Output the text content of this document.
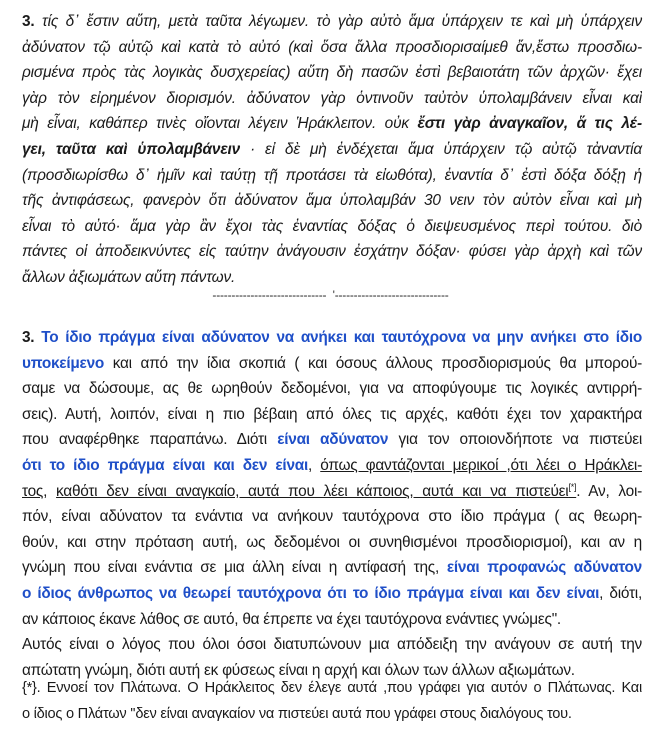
3. τίς δ᾽ ἔστιν αὕτη, μετὰ ταῦτα λέγωμεν. τὸ γὰρ αὐτὸ ἅμα ὑπάρχειν τε καὶ μὴ ὑπάρχειν
ἀδύνατον τῷ αὐτῷ καὶ κατὰ τὸ αὐτό (καὶ ὅσα ἄλλα προσδιορισαίμεθ ἄν,ἔστω προσδιω-
ρισμένα πρὸς τὰς λογικὰς δυσχερείας) αὕτη δὴ πασῶν ἐστὶ βεβαιοτάτη τῶν ἀρχῶν· ἔχει
γὰρ τὸν εἰρημένον διορισμόν. ἀδύνατον γὰρ ὁντινοῦν ταὐτὸν ὑπολαμβάνειν εἶναι καὶ
μὴ εἶναι, καθάπερ τινὲς οἴονται λέγειν Ἡράκλειτον. οὐκ ἔστι γὰρ ἀναγκαῖον, ἅ τις λέ-
γει, ταῦτα καὶ ὑπολαμβάνειν · εἰ δὲ μὴ ἐνδέχεται ἅμα ὑπάρχειν τῷ αὐτῷ τἀναντία
(προσδιωρίσθω δ᾽ ἡμῖν καὶ ταύτῃ τῇ προτάσει τὰ εἰωθότα), ἐναντία δ᾽ ἐστὶ δόξα δόξῃ ἡ
τῆς ἀντιφάσεως, φανερὸν ὅτι ἀδύνατον ἅμα ὑπολαμβάν 30 νειν τὸν αὐτὸν εἶναι καὶ μὴ
εἶναι τὸ αὐτό· ἅμα γὰρ ἂν ἔχοι τὰς ἐναντίας δόξας ὁ διεψευσμένος περὶ τούτου. διὸ
πάντες οἱ ἀποδεικνύντες εἰς ταύτην ἀνάγουσιν ἐσχάτην δόξαν· φύσει γὰρ ἀρχὴ καὶ τῶν
ἄλλων ἀξιωμάτων αὕτη πάντων.
------------------------------ '------------------------------
3. Το ίδιο πράγμα είναι αδύνατον να ανήκει και ταυτόχρονα να μην ανήκει στο ίδιο
υποκείμενο και από την ίδια σκοπιά ( και όσους άλλους προσδιορισμούς θα μπορού-
σαμε να δώσουμε, ας θε ωρηθούν δεδομένοι, για να αποφύγουμε τις λογικές αντιρρή-
σεις). Αυτή, λοιπόν, είναι η πιο βέβαιη από όλες τις αρχές, καθότι έχει τον χαρακτήρα
που αναφέρθηκε παραπάνω. Διότι είναι αδύνατον για τον οποιονδήποτε να πιστεύει
ότι το ίδιο πράγμα είναι και δεν είναι, όπως φαντάζονται μερικοί ,ότι λέει ο Ηράκλει-
τος, καθότι δεν είναι αναγκαίο, αυτά που λέει κάποιος, αυτά και να πιστεύει[*]. Αν, λοι-
πόν, είναι αδύνατον τα ενάντια να ανήκουν ταυτόχρονα στο ίδιο πράγμα ( ας θεωρη-
θούν, και στην πρόταση αυτή, ως δεδομένοι οι συνηθισμένοι προσδιορισμοί), και αν η
γνώμη που είναι ενάντια σε μια άλλη είναι η αντίφασή της, είναι προφανώς αδύνατον
ο ίδιος άνθρωπος να θεωρεί ταυτόχρονα ότι το ίδιο πράγμα είναι και δεν είναι, διότι,
αν κάποιος έκανε λάθος σε αυτό, θα έπρεπε να έχει ταυτόχρονα ενάντιες γνώμες".
Αυτός είναι ο λόγος που όλοι όσοι διατυπώνουν μια απόδειξη την ανάγουν σε αυτή την
απώτατη γνώμη, διότι αυτή εκ φύσεως είναι η αρχή και όλων των άλλων αξιωμάτων.
{*}. Εννοεί τον Πλάτωνα. Ο Ηράκλειτος δεν έλεγε αυτά ,που γράφει για αυτόν ο Πλάτωνας. Και
ο ίδιος ο Πλάτων ''δεν είναι αναγκαίον να πιστεύει αυτά που γράφει στους διαλόγους του.
